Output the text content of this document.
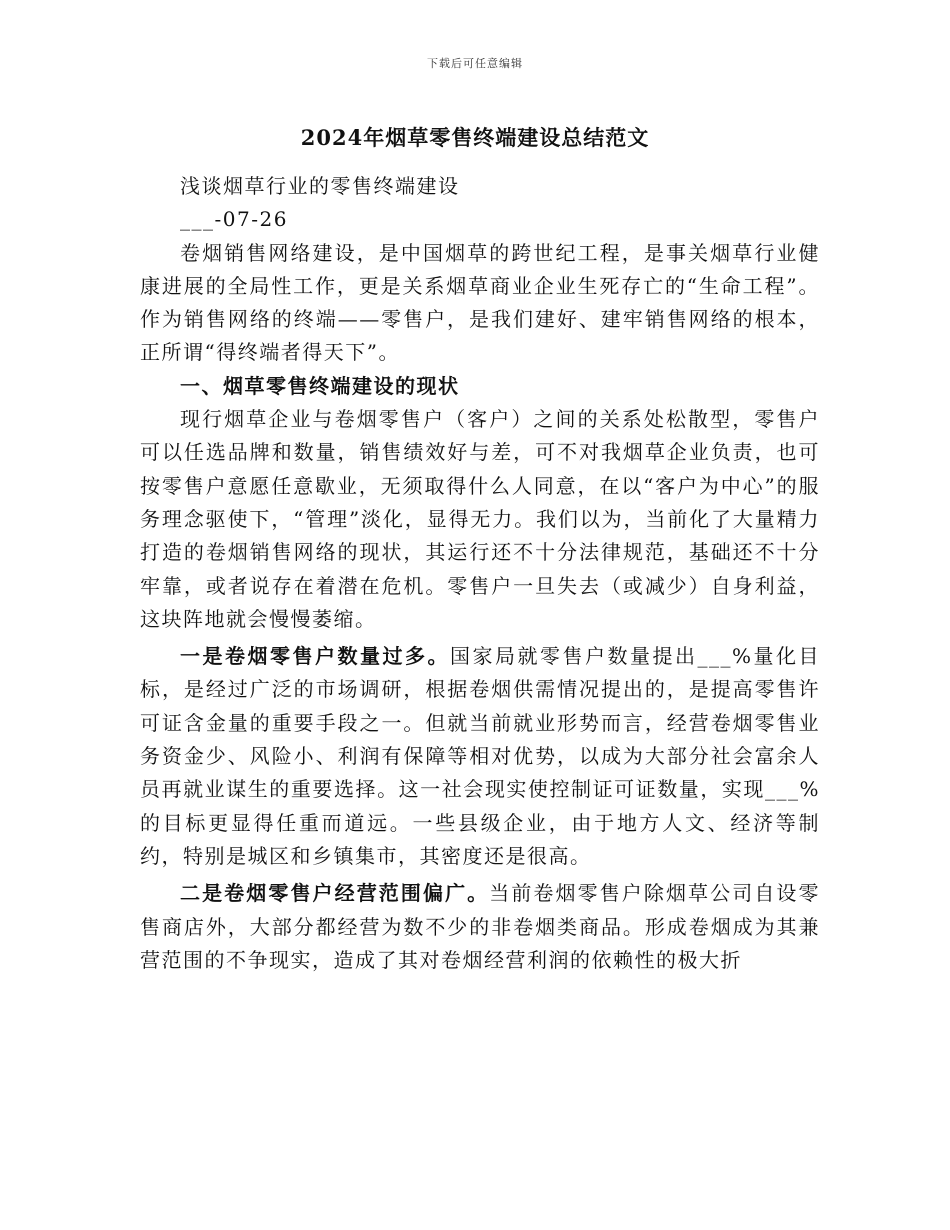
下载后可任意编辑
2024年烟草零售终端建设总结范文

浅谈烟草行业的零售终端建设

___-07-26

卷烟销售网络建设，是中国烟草的跨世纪工程，是事关烟草行业健康进展的全局性工作，更是关系烟草商业企业生死存亡的“生命工程”。作为销售网络的终端——零售户，是我们建好、建牢销售网络的根本，正所谓“得终端者得天下”。

一、烟草零售终端建设的现状

现行烟草企业与卷烟零售户（客户）之间的关系处松散型，零售户可以任选品牌和数量，销售绩效好与差，可不对我烟草企业负责，也可按零售户意愿任意歇业，无须取得什么人同意，在以“客户为中心”的服务理念驱使下，“管理”淡化，显得无力。我们以为，当前化了大量精力打造的卷烟销售网络的现状，其运行还不十分法律规范，基础还不十分牢靠，或者说存在着潜在危机。零售户一旦失去（或减少）自身利益，这块阵地就会慢慢萎缩。

一是卷烟零售户数量过多。国家局就零售户数量提出___%量化目标，是经过广泛的市场调研，根据卷烟供需情况提出的，是提高零售许可证含金量的重要手段之一。但就当前就业形势而言，经营卷烟零售业务资金少、风险小、利润有保障等相对优势，以成为大部分社会富余人员再就业谋生的重要选择。这一社会现实使控制证可证数量，实现___%的目标更显得任重而道远。一些县级企业，由于地方人文、经济等制约，特别是城区和乡镇集市，其密度还是很高。

二是卷烟零售户经营范围偏广。当前卷烟零售户除烟草公司自设零售商店外，大部分都经营为数不少的非卷烟类商品。形成卷烟成为其兼营范围的不争现实，造成了其对卷烟经营利润的依赖性的极大折
